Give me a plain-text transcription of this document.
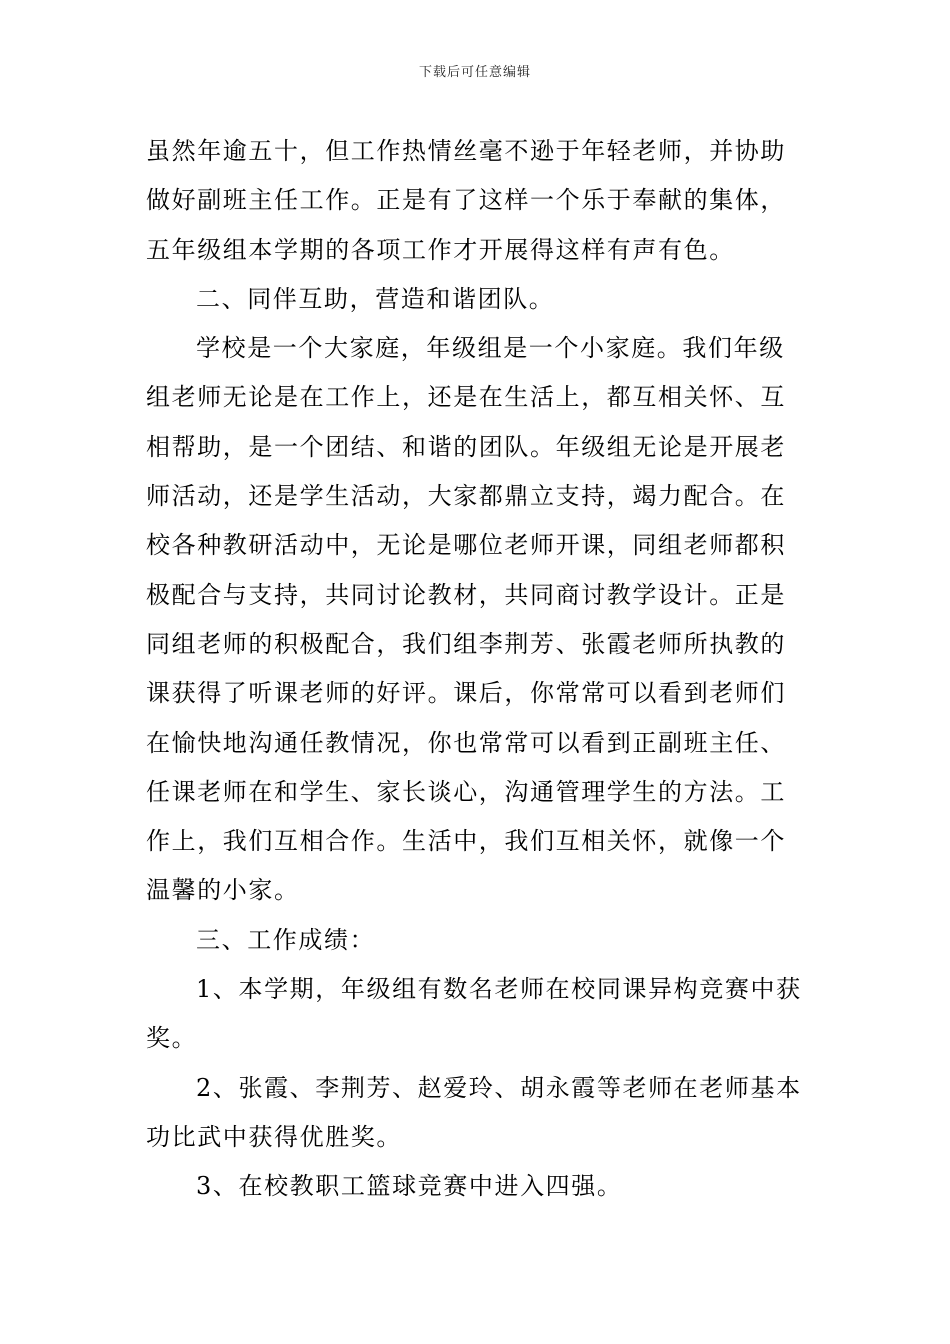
下载后可任意编辑
虽然年逾五十，但工作热情丝毫不逊于年轻老师，并协助
做好副班主任工作。正是有了这样一个乐于奉献的集体，
五年级组本学期的各项工作才开展得这样有声有色。
二、同伴互助，营造和谐团队。
学校是一个大家庭，年级组是一个小家庭。我们年级
组老师无论是在工作上，还是在生活上，都互相关怀、互
相帮助，是一个团结、和谐的团队。年级组无论是开展老
师活动，还是学生活动，大家都鼎立支持，竭力配合。在
校各种教研活动中，无论是哪位老师开课，同组老师都积
极配合与支持，共同讨论教材，共同商讨教学设计。正是
同组老师的积极配合，我们组李荆芳、张霞老师所执教的
课获得了听课老师的好评。课后，你常常可以看到老师们
在愉快地沟通任教情况，你也常常可以看到正副班主任、
任课老师在和学生、家长谈心，沟通管理学生的方法。工
作上，我们互相合作。生活中，我们互相关怀，就像一个
温馨的小家。
三、工作成绩：
1、本学期，年级组有数名老师在校同课异构竞赛中获
奖。
2、张霞、李荆芳、赵爱玲、胡永霞等老师在老师基本
功比武中获得优胜奖。
3、在校教职工篮球竞赛中进入四强。
